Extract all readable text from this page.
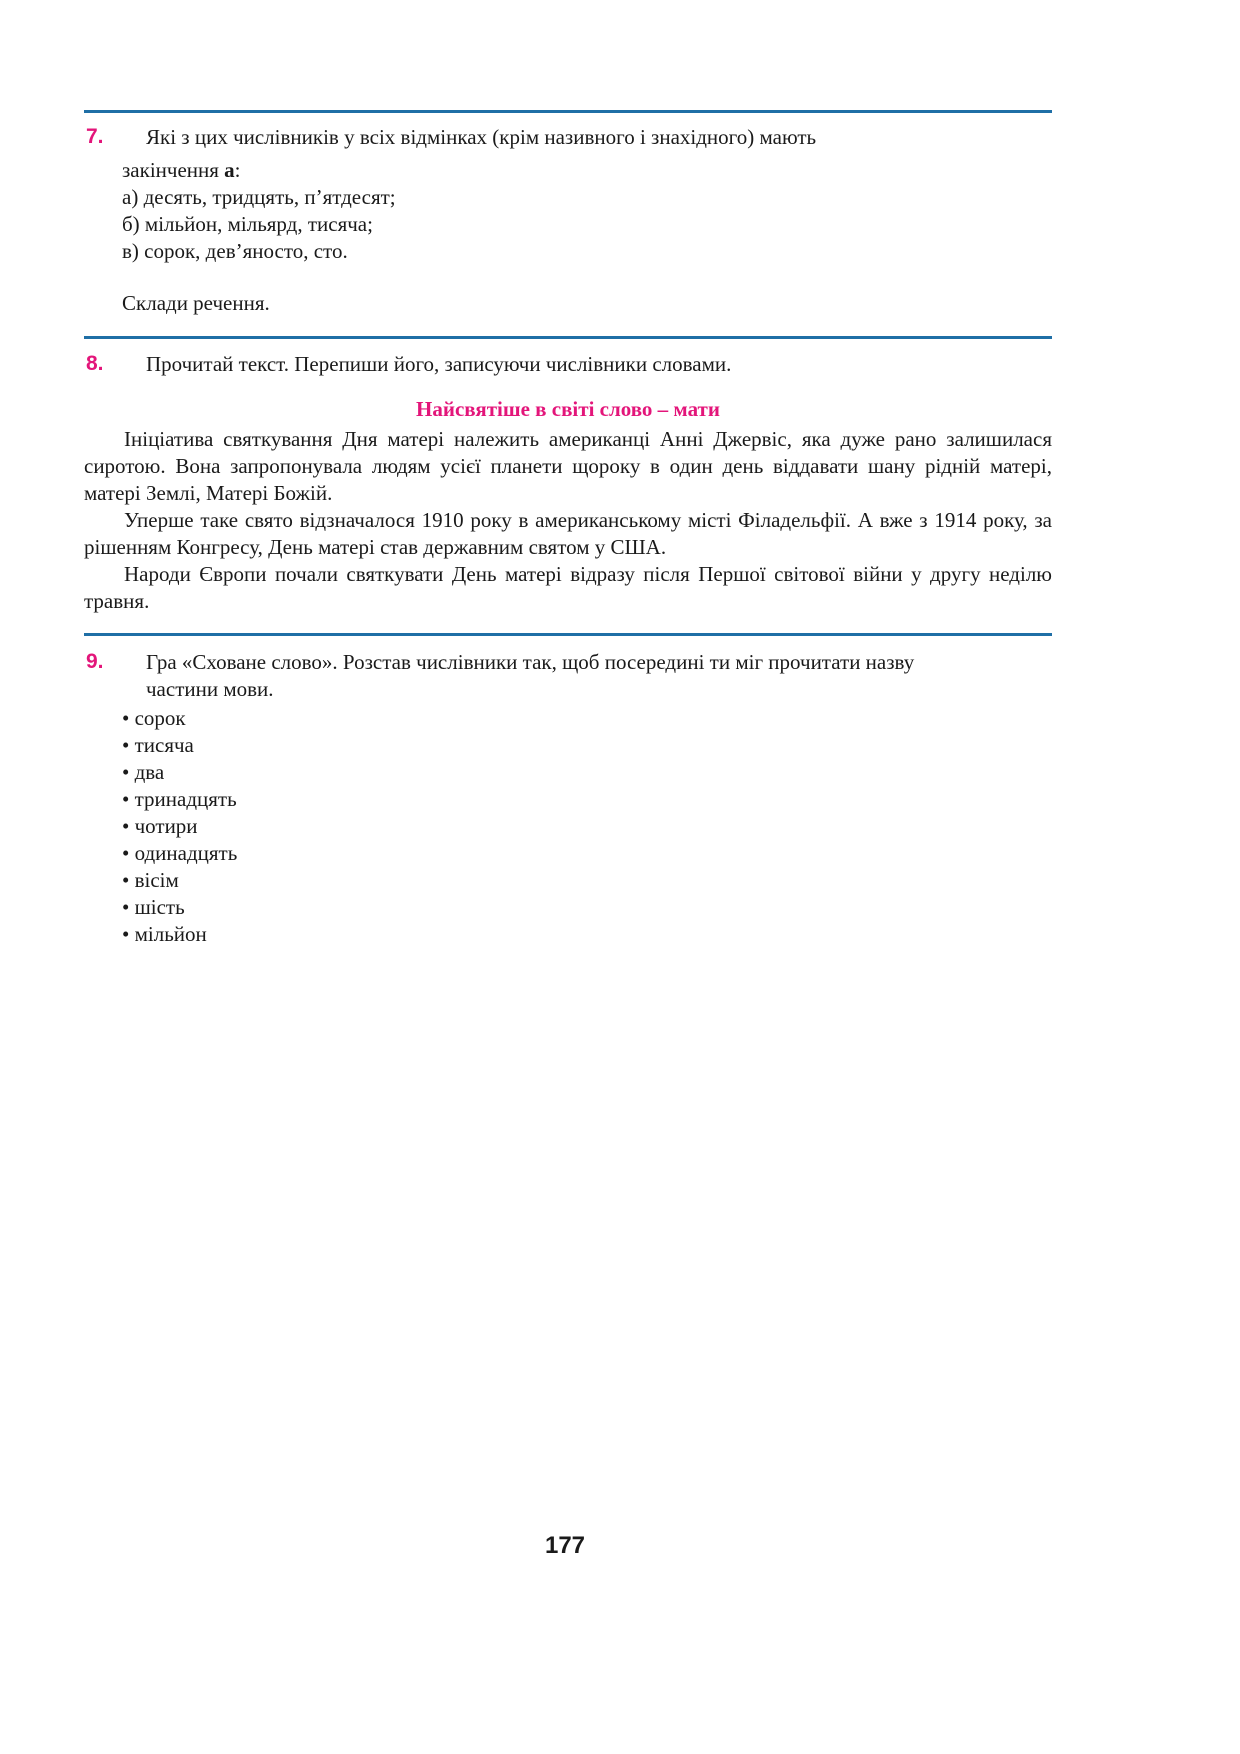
7. Які з цих числівників у всіх відмінках (крім називного і знахідного) мають
закінчення а:
а) десять, тридцять, п’ятдесят;
б) мільйон, мільярд, тисяча;
в) сорок, дев’яносто, сто.
Склади речення.
8. Прочитай текст. Перепиши його, записуючи числівники словами.
Найсвятіше в світі слово – мати

Ініціатива святкування Дня матері належить американці Анні Джервіс, яка дуже рано залишилася сиротою. Вона запропонувала людям усієї планети щороку в один день віддавати шану рідній матері, матері Землі, Матері Божій.

Уперше таке свято відзначалося 1910 року в американському місті Філадельфії. А вже з 1914 року, за рішенням Конгресу, День матері став державним святом у США.

Народи Європи почали святкувати День матері відразу після Першої світової війни у другу неділю травня.

9. Гра «Сховане слово». Розстав числівники так, щоб посередині ти міг прочитати назву
частини мови.
• сорок
• тисяча
• два
• тринадцять
• чотири
• одинадцять
• вісім
• шість
• мільйон
177
